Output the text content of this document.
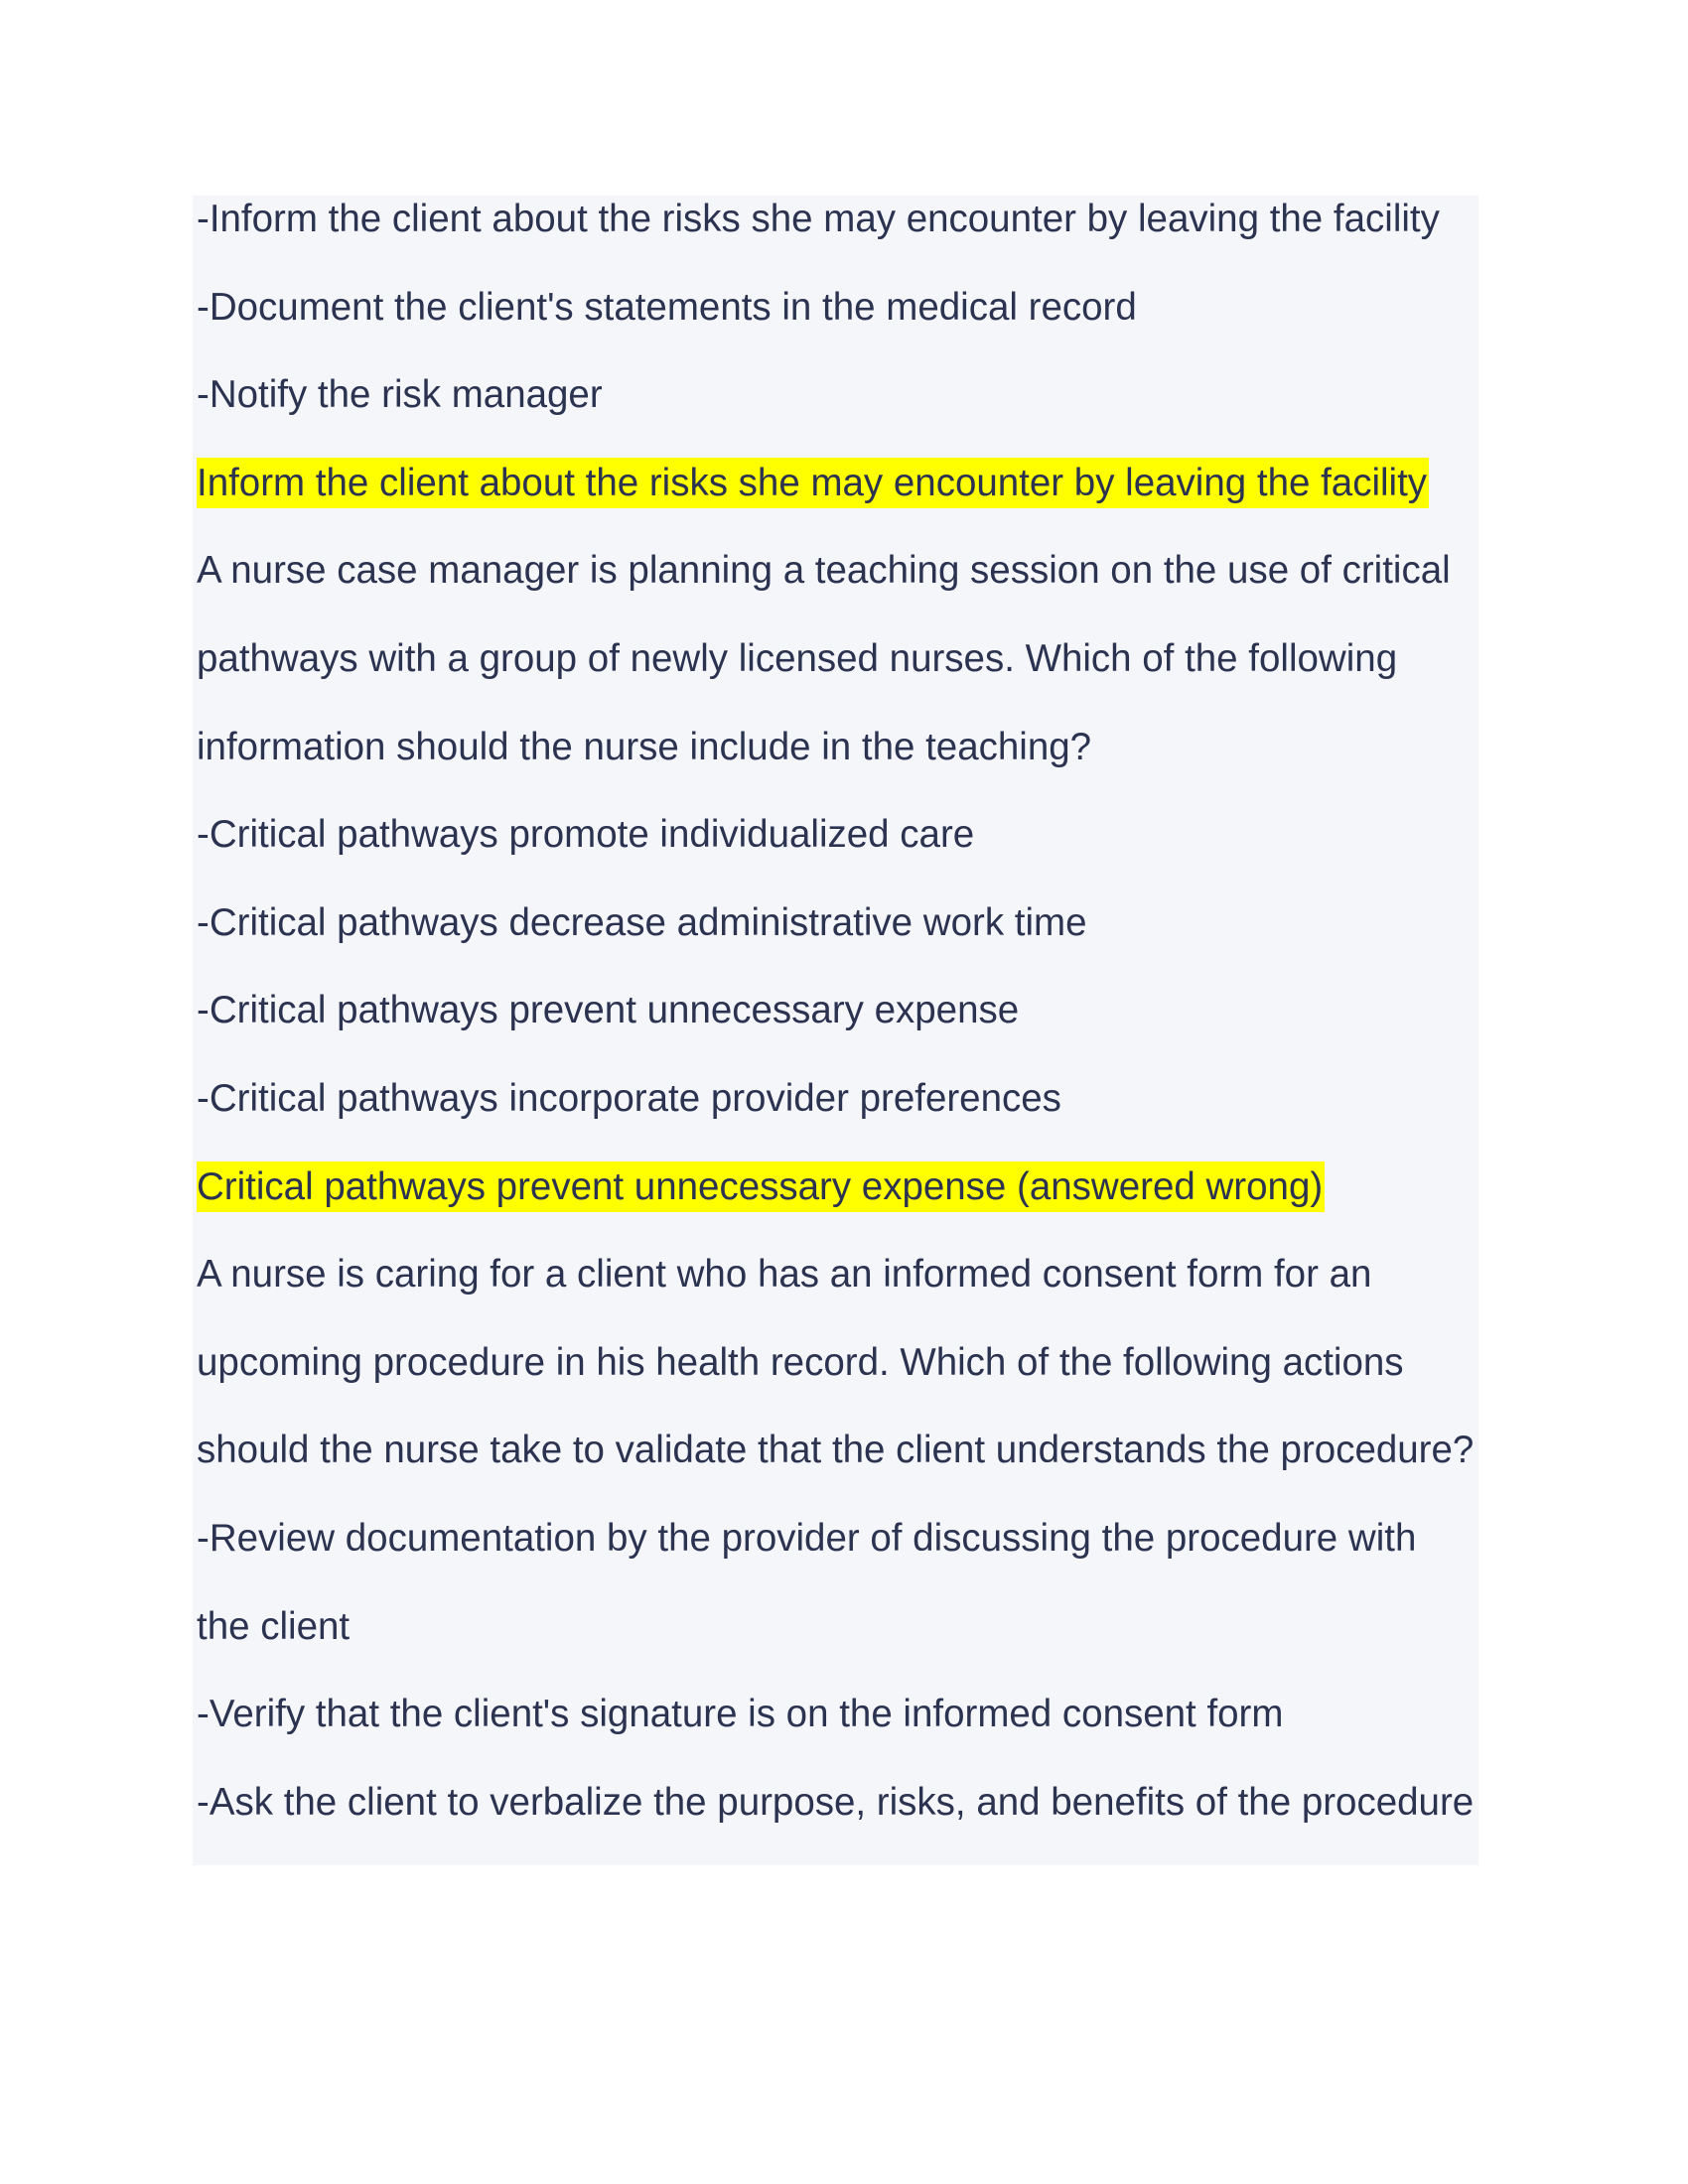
-Inform the client about the risks she may encounter by leaving the facility
-Document the client's statements in the medical record
-Notify the risk manager
Inform the client about the risks she may encounter by leaving the facility
A nurse case manager is planning a teaching session on the use of critical
pathways with a group of newly licensed nurses. Which of the following
information should the nurse include in the teaching?
-Critical pathways promote individualized care
-Critical pathways decrease administrative work time
-Critical pathways prevent unnecessary expense
-Critical pathways incorporate provider preferences
Critical pathways prevent unnecessary expense (answered wrong)
A nurse is caring for a client who has an informed consent form for an
upcoming procedure in his health record. Which of the following actions
should the nurse take to validate that the client understands the procedure?
-Review documentation by the provider of discussing the procedure with
the client
-Verify that the client's signature is on the informed consent form
-Ask the client to verbalize the purpose, risks, and benefits of the procedure
